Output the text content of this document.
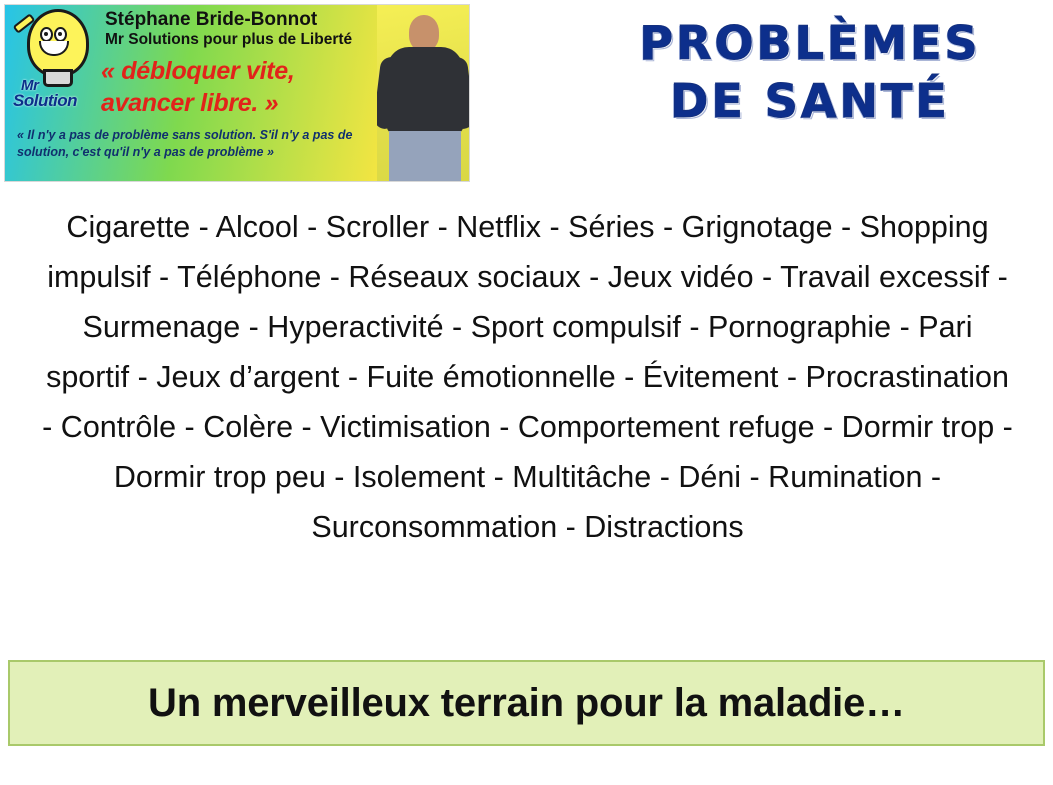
Mr
Solution
Stéphane Bride-Bonnot
Mr Solutions pour plus de Liberté
« débloquer vite,
avancer libre. »
« Il n'y a pas de problème sans solution. S'il n'y a pas de solution, c'est qu'il n'y a pas de problème »
PROBLÈMES
DE SANTÉ
Cigarette - Alcool - Scroller - Netflix - Séries - Grignotage - Shopping impulsif - Téléphone - Réseaux sociaux - Jeux vidéo - Travail excessif - Surmenage - Hyperactivité - Sport compulsif - Pornographie - Pari sportif - Jeux d’argent - Fuite émotionnelle - Évitement - Procrastination - Contrôle - Colère - Victimisation - Comportement refuge - Dormir trop - Dormir trop peu - Isolement - Multitâche - Déni - Rumination - Surconsommation - Distractions
Un merveilleux terrain pour la maladie…
